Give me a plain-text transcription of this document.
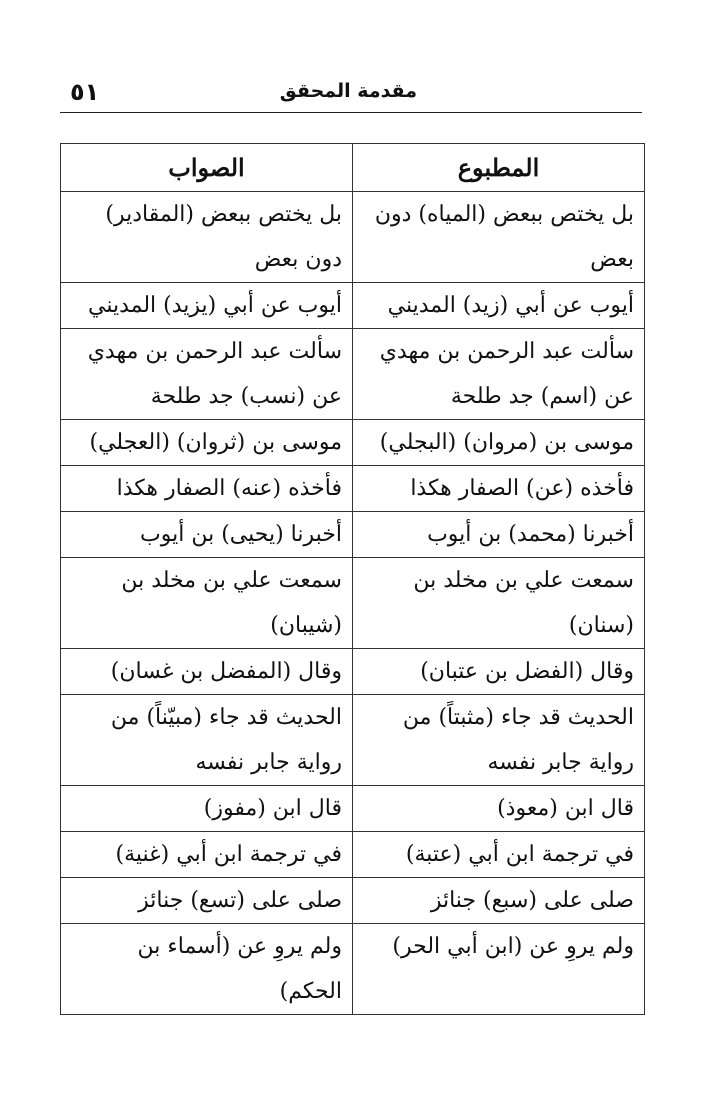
مقدمة المحقق
٥١
المطبوع	الصواب
بل يختص ببعض (المياه) دون بعض	بل يختص ببعض (المقادير) دون بعض
أيوب عن أبي (زيد) المديني	أيوب عن أبي (يزيد) المديني
سألت عبد الرحمن بن مهدي عن (اسم) جد طلحة	سألت عبد الرحمن بن مهدي عن (نسب) جد طلحة
موسى بن (مروان) (البجلي)	موسى بن (ثروان) (العجلي)
فأخذه (عن) الصفار هكذا	فأخذه (عنه) الصفار هكذا
أخبرنا (محمد) بن أيوب	أخبرنا (يحيى) بن أيوب
سمعت علي بن مخلد بن (سنان)	سمعت علي بن مخلد بن (شيبان)
وقال (الفضل بن عتبان)	وقال (المفضل بن غسان)
الحديث قد جاء (مثبتاً) من رواية جابر نفسه	الحديث قد جاء (مبيّناً) من رواية جابر نفسه
قال ابن (معوذ)	قال ابن (مفوز)
في ترجمة ابن أبي (عتبة)	في ترجمة ابن أبي (غنية)
صلى على (سبع) جنائز	صلى على (تسع) جنائز
ولم يروِ عن (ابن أبي الحر)	ولم يروِ عن (أسماء بن الحكم)
